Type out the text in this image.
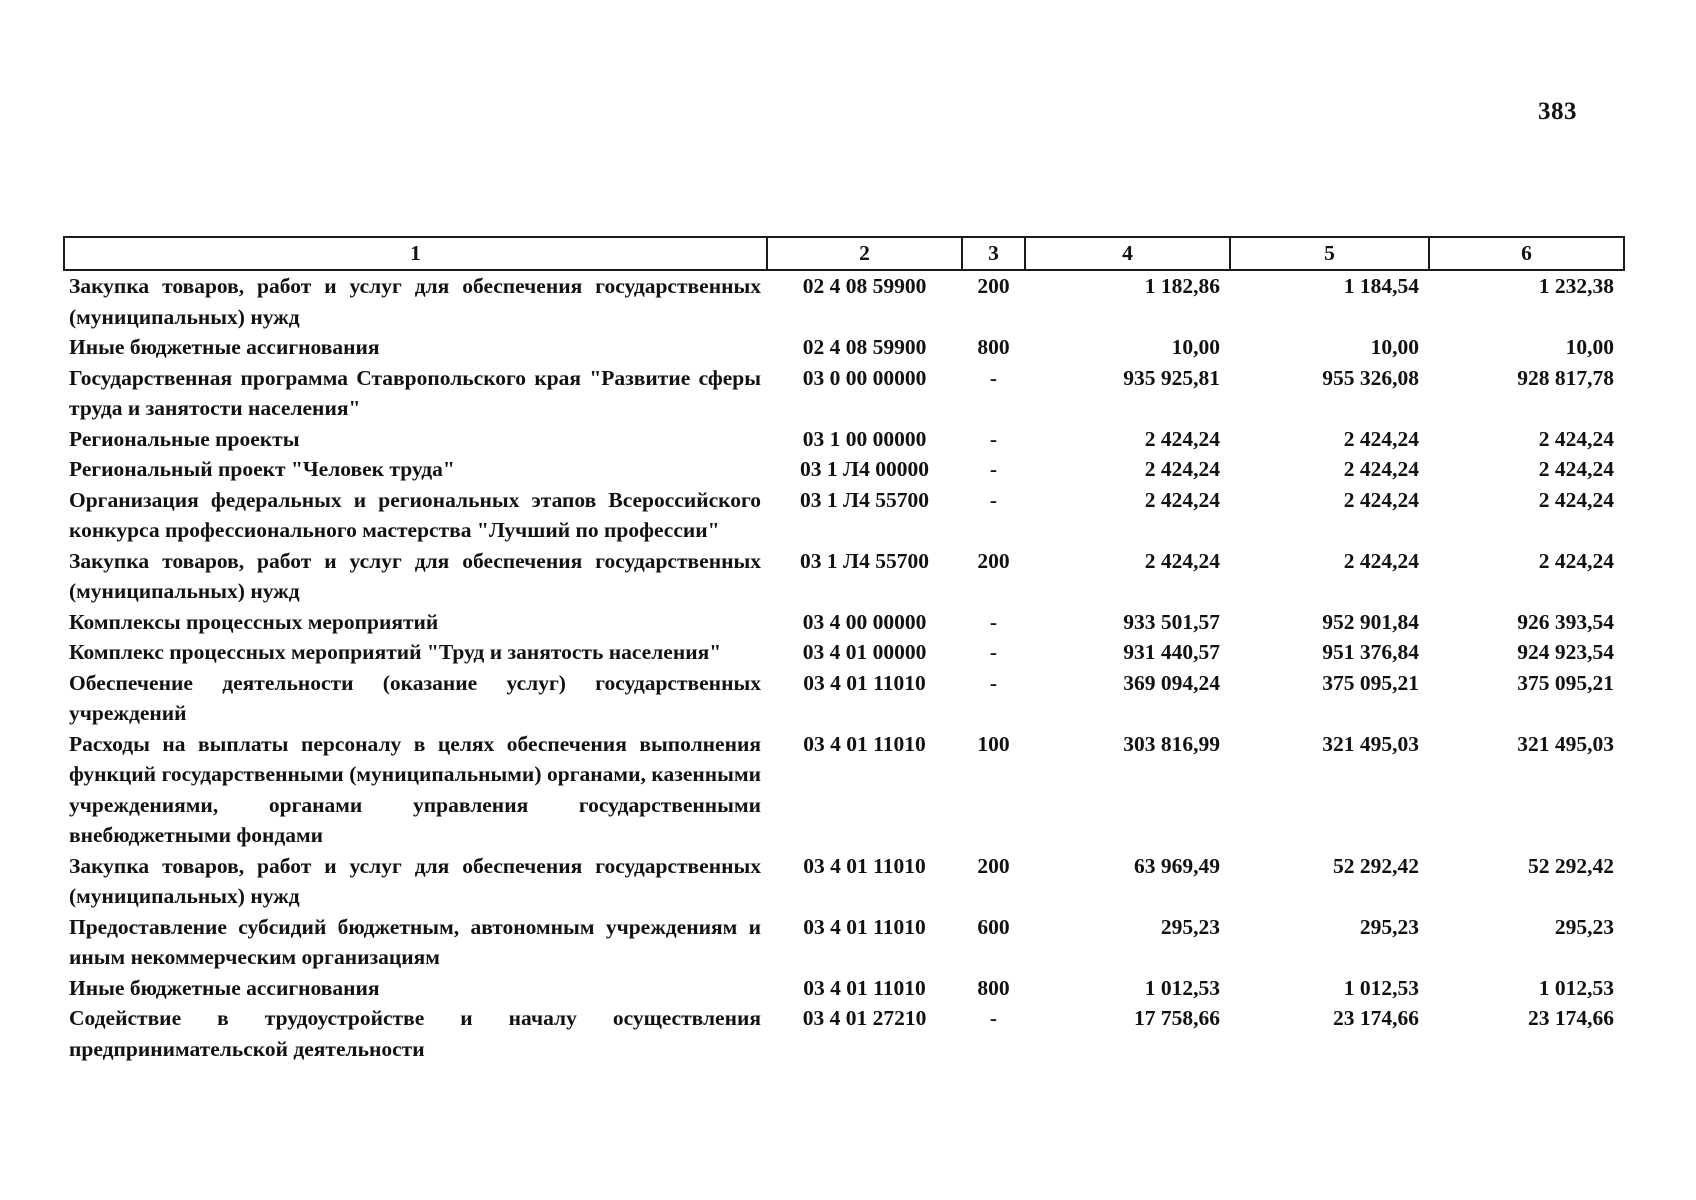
383
1	2	3	4	5	6
Закупка товаров, работ и услуг для обеспечения государственных (муниципальных) нужд	02 4 08 59900	200	1 182,86	1 184,54	1 232,38
Иные бюджетные ассигнования	02 4 08 59900	800	10,00	10,00	10,00
Государственная программа Ставропольского края "Развитие сферы труда и занятости населения"	03 0 00 00000	-	935 925,81	955 326,08	928 817,78
Региональные проекты	03 1 00 00000	-	2 424,24	2 424,24	2 424,24
Региональный проект "Человек труда"	03 1 Л4 00000	-	2 424,24	2 424,24	2 424,24
Организация федеральных и региональных этапов Всероссийского конкурса профессионального мастерства "Лучший по профессии"	03 1 Л4 55700	-	2 424,24	2 424,24	2 424,24
Закупка товаров, работ и услуг для обеспечения государственных (муниципальных) нужд	03 1 Л4 55700	200	2 424,24	2 424,24	2 424,24
Комплексы процессных мероприятий	03 4 00 00000	-	933 501,57	952 901,84	926 393,54
Комплекс процессных мероприятий "Труд и занятость населения"	03 4 01 00000	-	931 440,57	951 376,84	924 923,54
Обеспечение деятельности (оказание услуг) государственных учреждений	03 4 01 11010	-	369 094,24	375 095,21	375 095,21
Расходы на выплаты персоналу в целях обеспечения выполнения функций государственными (муниципальными) органами, казенными учреждениями, органами управления государственными внебюджетными фондами	03 4 01 11010	100	303 816,99	321 495,03	321 495,03
Закупка товаров, работ и услуг для обеспечения государственных (муниципальных) нужд	03 4 01 11010	200	63 969,49	52 292,42	52 292,42
Предоставление субсидий бюджетным, автономным учреждениям и иным некоммерческим организациям	03 4 01 11010	600	295,23	295,23	295,23
Иные бюджетные ассигнования	03 4 01 11010	800	1 012,53	1 012,53	1 012,53
Содействие в трудоустройстве и началу осуществления предпринимательской деятельности	03 4 01 27210	-	17 758,66	23 174,66	23 174,66
